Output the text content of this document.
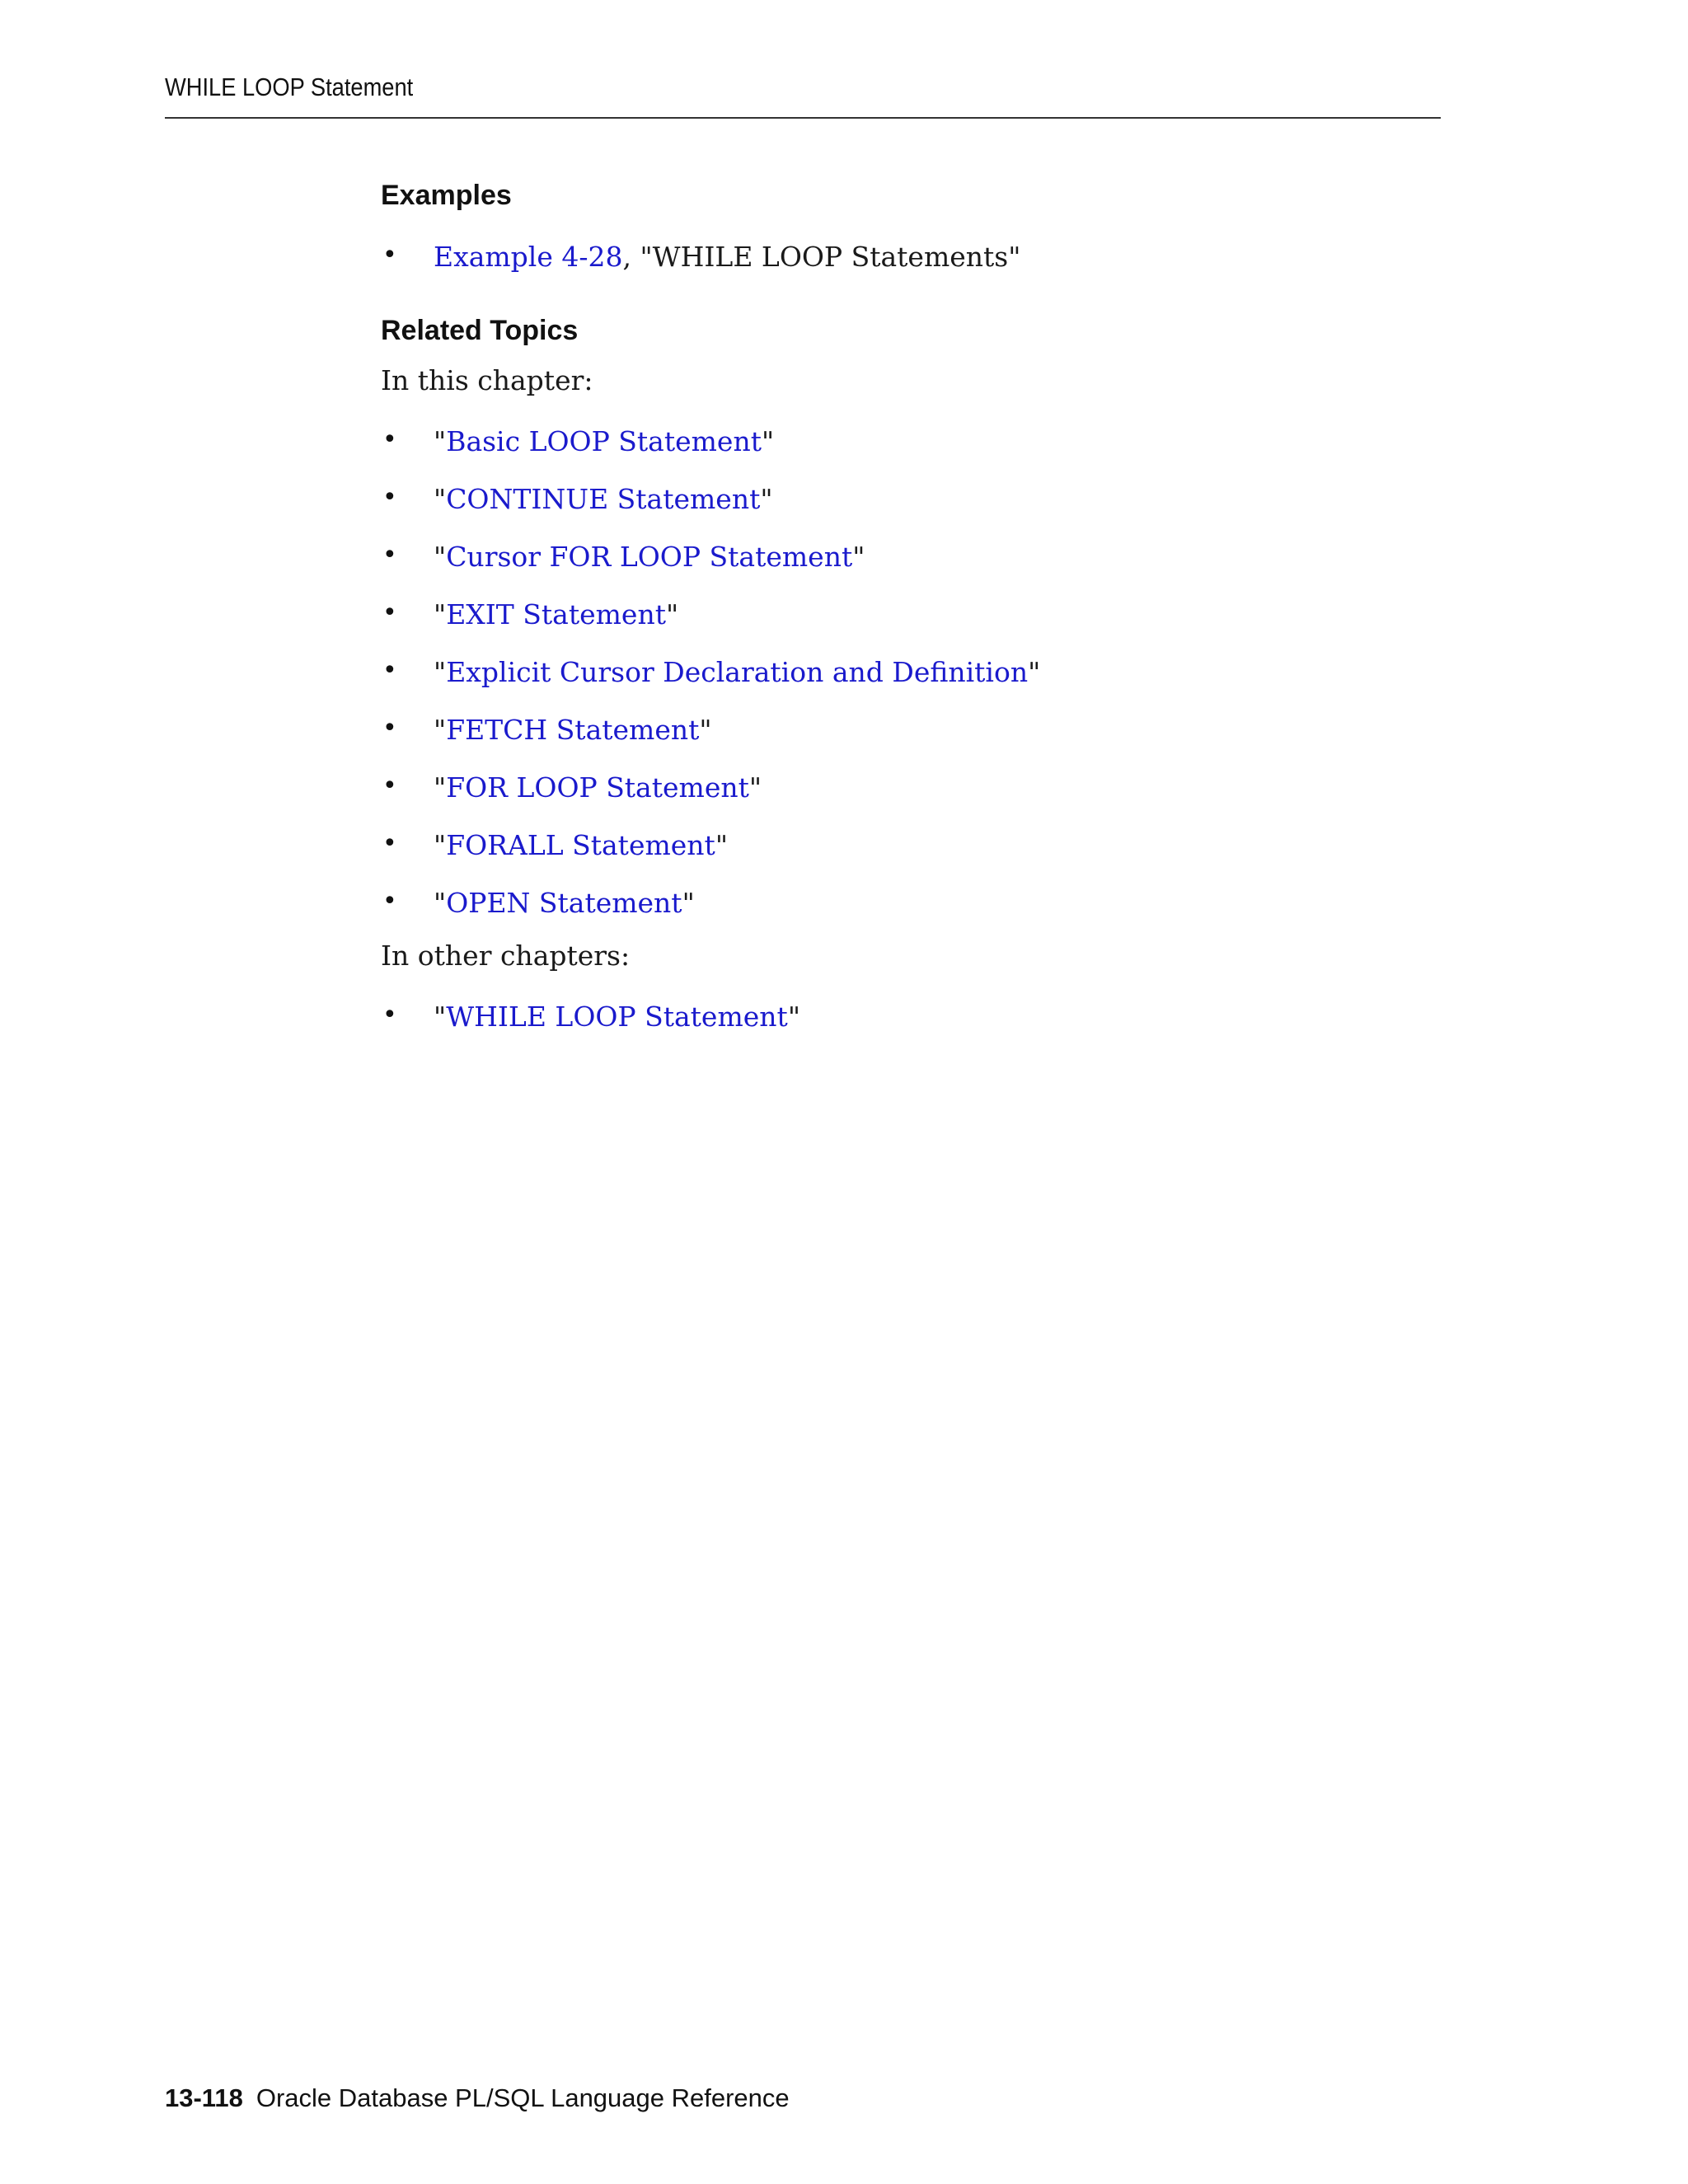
WHILE LOOP Statement
Examples
• Example 4-28, "WHILE LOOP Statements"
Related Topics
In this chapter:
• "Basic LOOP Statement"
• "CONTINUE Statement"
• "Cursor FOR LOOP Statement"
• "EXIT Statement"
• "Explicit Cursor Declaration and Definition"
• "FETCH Statement"
• "FOR LOOP Statement"
• "FORALL Statement"
• "OPEN Statement"
In other chapters:
• "WHILE LOOP Statement"
13-118 Oracle Database PL/SQL Language Reference
